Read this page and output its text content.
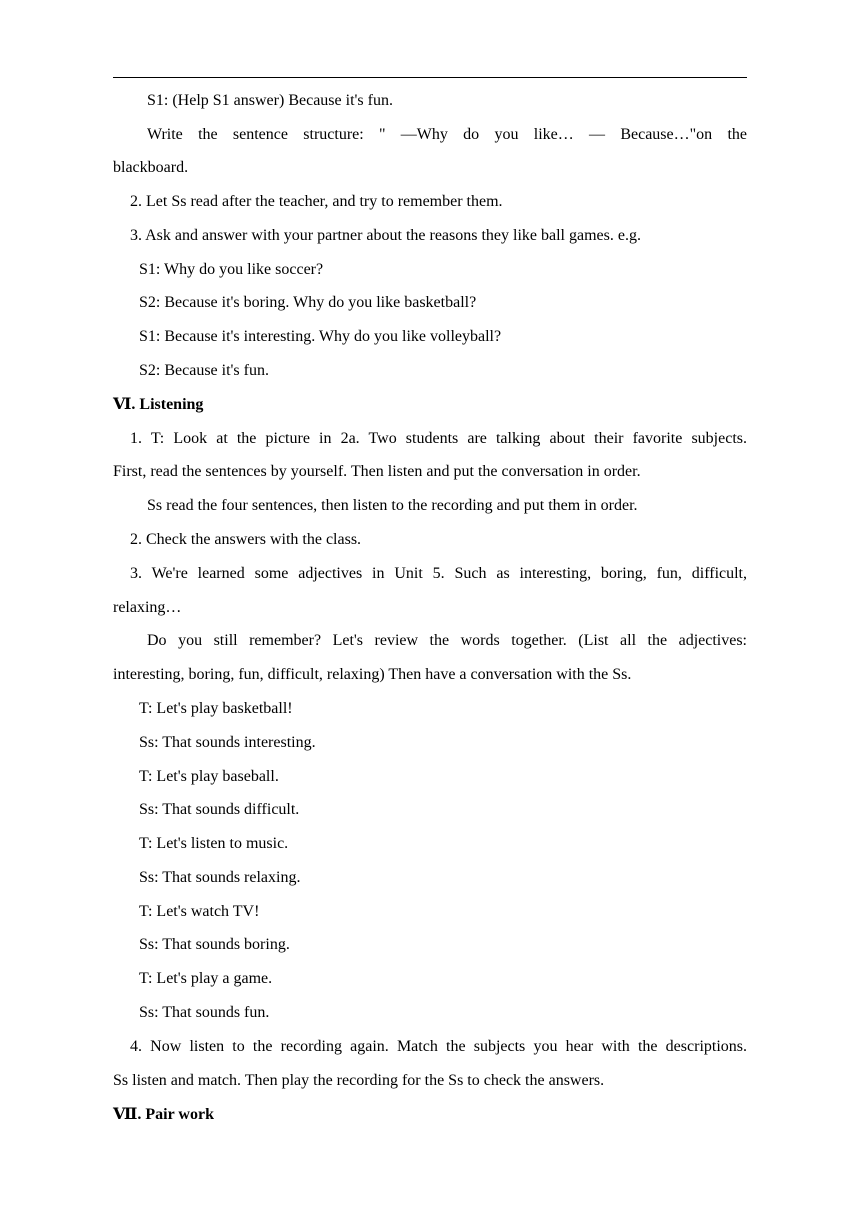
S1: (Help S1 answer) Because it's fun.
Write the sentence structure: " —Why do you like… — Because…"on the
blackboard.
2. Let Ss read after the teacher, and try to remember them.
3. Ask and answer with your partner about the reasons they like ball games. e.g.
S1: Why do you like soccer?
S2: Because it's boring. Why do you like basketball?
S1: Because it's interesting. Why do you like volleyball?
S2: Because it's fun.
Ⅵ. Listening
1. T: Look at the picture in 2a. Two students are talking about their favorite subjects.
First, read the sentences by yourself. Then listen and put the conversation in order.
Ss read the four sentences, then listen to the recording and put them in order.
2. Check the answers with the class.
3. We're learned some adjectives in Unit 5. Such as interesting, boring, fun, difficult,
relaxing…
Do you still remember? Let's review the words together. (List all the adjectives:
interesting, boring, fun, difficult, relaxing) Then have a conversation with the Ss.
T: Let's play basketball!
Ss: That sounds interesting.
T: Let's play baseball.
Ss: That sounds difficult.
T: Let's listen to music.
Ss: That sounds relaxing.
T: Let's watch TV!
Ss: That sounds boring.
T: Let's play a game.
Ss: That sounds fun.
4. Now listen to the recording again. Match the subjects you hear with the descriptions.
Ss listen and match. Then play the recording for the Ss to check the answers.
Ⅶ. Pair work
